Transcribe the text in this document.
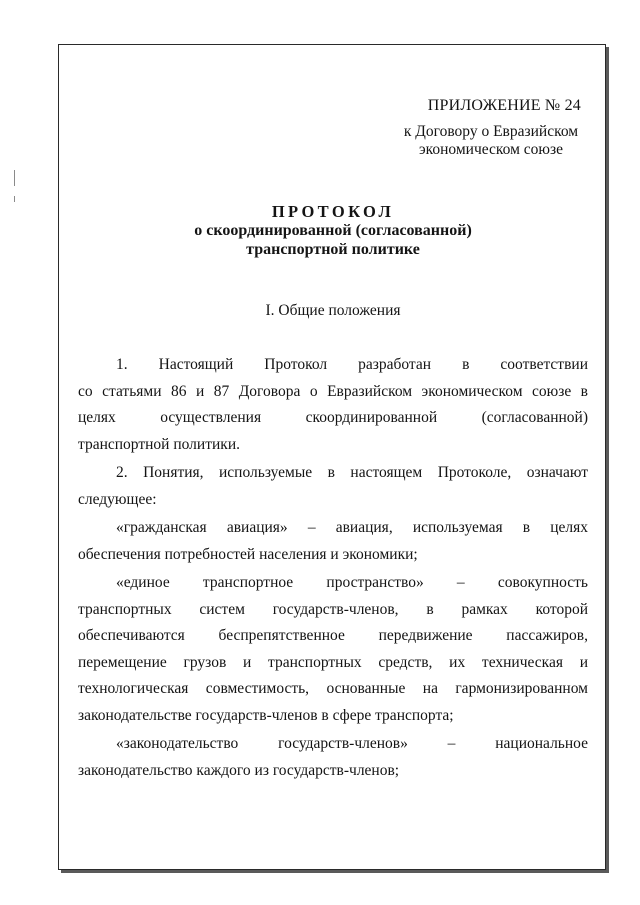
ПРИЛОЖЕНИЕ № 24
к Договору о Евразийском
экономическом союзе
ПРОТОКОЛ
о скоординированной (согласованной)
транспортной политике
I. Общие положения
1. Настоящий Протокол разработан в соответствии
со статьями 86 и 87 Договора о Евразийском экономическом союзе в
целях осуществления скоординированной (согласованной)
транспортной политики.
2. Понятия, используемые в настоящем Протоколе, означают
следующее:
«гражданская авиация» – авиация, используемая в целях
обеспечения потребностей населения и экономики;
«единое транспортное пространство» – совокупность
транспортных систем государств-членов, в рамках которой
обеспечиваются беспрепятственное передвижение пассажиров,
перемещение грузов и транспортных средств, их техническая и
технологическая совместимость, основанные на гармонизированном
законодательстве государств-членов в сфере транспорта;
«законодательство государств-членов» – национальное
законодательство каждого из государств-членов;
